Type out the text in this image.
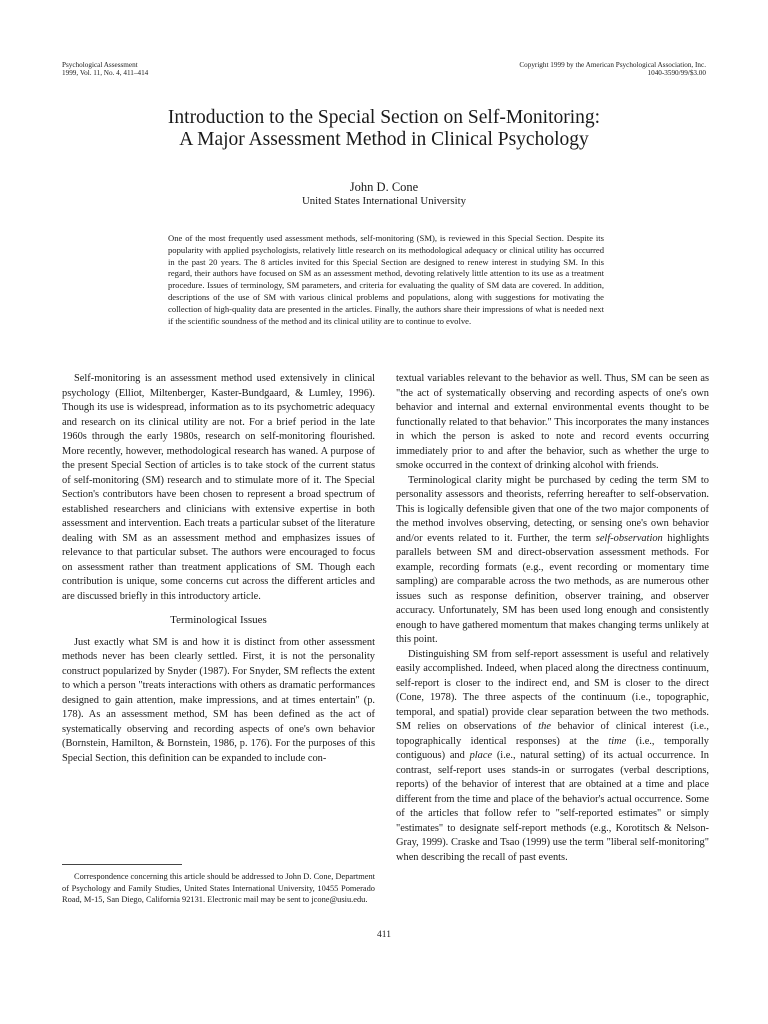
Psychological Assessment
1999, Vol. 11, No. 4, 411–414
Copyright 1999 by the American Psychological Association, Inc.
1040-3590/99/$3.00
Introduction to the Special Section on Self-Monitoring:
A Major Assessment Method in Clinical Psychology
John D. Cone
United States International University
One of the most frequently used assessment methods, self-monitoring (SM), is reviewed in this Special Section. Despite its popularity with applied psychologists, relatively little research on its methodological adequacy or clinical utility has occurred in the past 20 years. The 8 articles invited for this Special Section are designed to renew interest in studying SM. In this regard, their authors have focused on SM as an assessment method, devoting relatively little attention to its use as a treatment procedure. Issues of terminology, SM parameters, and criteria for evaluating the quality of SM data are covered. In addition, descriptions of the use of SM with various clinical problems and populations, along with suggestions for motivating the collection of high-quality data are presented in the articles. Finally, the authors share their impressions of what is needed next if the scientific soundness of the method and its clinical utility are to continue to evolve.

Self-monitoring is an assessment method used extensively in clinical psychology (Elliot, Miltenberger, Kaster-Bundgaard, & Lumley, 1996). Though its use is widespread, information as to its psychometric adequacy and research on its clinical utility are not. For a brief period in the late 1960s through the early 1980s, research on self-monitoring flourished. More recently, however, methodological research has waned. A purpose of the present Special Section of articles is to take stock of the current status of self-monitoring (SM) research and to stimulate more of it. The Special Section's contributors have been chosen to represent a broad spectrum of established researchers and clinicians with extensive expertise in both assessment and intervention. Each treats a particular subset of the literature dealing with SM as an assessment method and emphasizes issues of relevance to that particular subset. The authors were encouraged to focus on assessment rather than treatment applications of SM. Though each contribution is unique, some concerns cut across the different articles and are discussed briefly in this introductory article.

Terminological Issues

Just exactly what SM is and how it is distinct from other assessment methods never has been clearly settled. First, it is not the personality construct popularized by Snyder (1987). For Snyder, SM reflects the extent to which a person "treats interactions with others as dramatic performances designed to gain attention, make impressions, and at times entertain" (p. 178). As an assessment method, SM has been defined as the act of systematically observing and recording aspects of one's own behavior (Bornstein, Hamilton, & Bornstein, 1986, p. 176). For the purposes of this Special Section, this definition can be expanded to include con-

textual variables relevant to the behavior as well. Thus, SM can be seen as "the act of systematically observing and recording aspects of one's own behavior and internal and external environmental events thought to be functionally related to that behavior." This incorporates the many instances in which the person is asked to note and record events occurring immediately prior to and after the behavior, such as whether the urge to smoke occurred in the context of drinking alcohol with friends.

Terminological clarity might be purchased by ceding the term SM to personality assessors and theorists, referring hereafter to self-observation. This is logically defensible given that one of the two major components of the method involves observing, detecting, or sensing one's own behavior and/or events related to it. Further, the term self-observation highlights parallels between SM and direct-observation assessment methods. For example, recording formats (e.g., event recording or momentary time sampling) are comparable across the two methods, as are numerous other issues such as response definition, observer training, and observer accuracy. Unfortunately, SM has been used long enough and consistently enough to have gathered momentum that makes changing terms unlikely at this point.

Distinguishing SM from self-report assessment is useful and relatively easily accomplished. Indeed, when placed along the directness continuum, self-report is closer to the indirect end, and SM is closer to the direct (Cone, 1978). The three aspects of the continuum (i.e., topographic, temporal, and spatial) provide clear separation between the two methods. SM relies on observations of the behavior of clinical interest (i.e., topographically identical responses) at the time (i.e., temporally contiguous) and place (i.e., natural setting) of its actual occurrence. In contrast, self-report uses stands-in or surrogates (verbal descriptions, reports) of the behavior of interest that are obtained at a time and place different from the time and place of the behavior's actual occurrence. Some of the articles that follow refer to "self-reported estimates" or simply "estimates" to designate self-report methods (e.g., Korotitsch & Nelson-Gray, 1999). Craske and Tsao (1999) use the term "liberal self-monitoring" when describing the recall of past events.

Correspondence concerning this article should be addressed to John D. Cone, Department of Psychology and Family Studies, United States International University, 10455 Pomerado Road, M-15, San Diego, California 92131. Electronic mail may be sent to jcone@usiu.edu.

411
